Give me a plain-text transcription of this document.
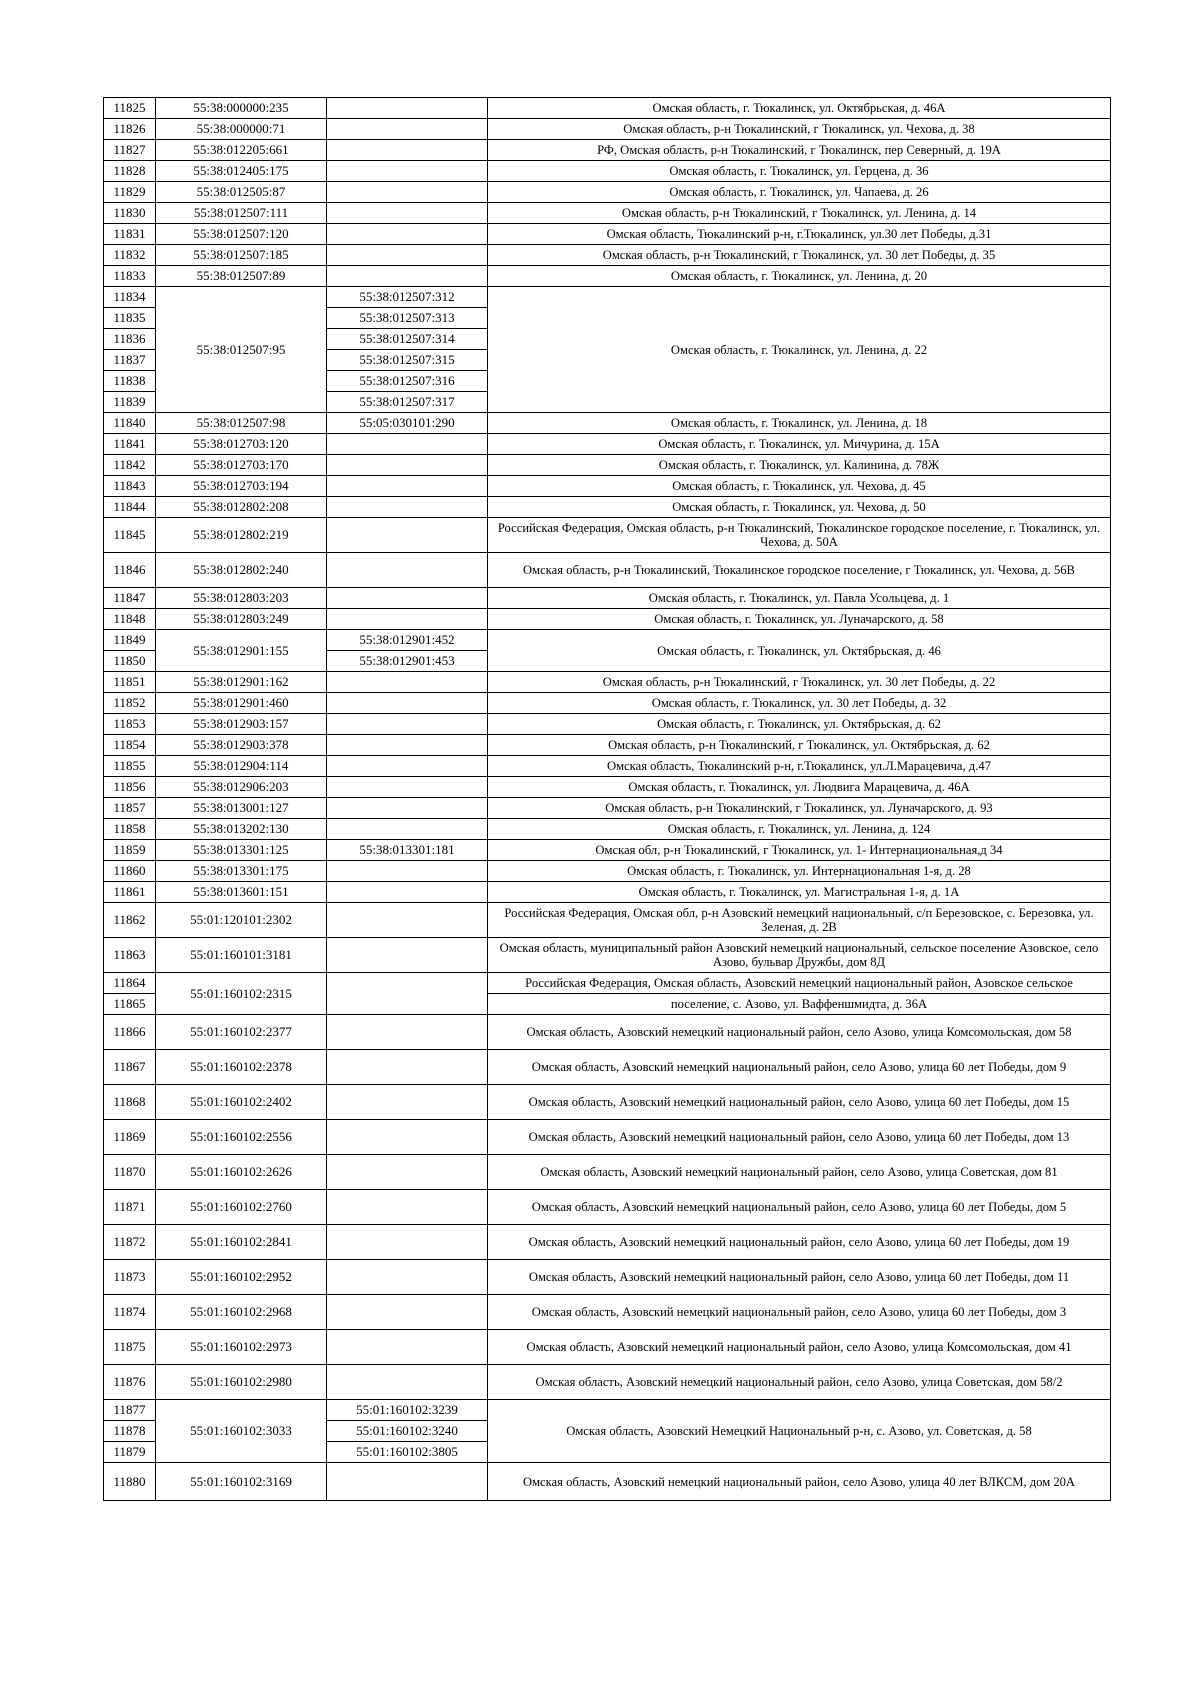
11825	55:38:000000:235		Омская область, г. Тюкалинск, ул. Октябрьская, д. 46А
11826	55:38:000000:71		Омская область, р-н Тюкалинский, г Тюкалинск, ул. Чехова, д. 38
11827	55:38:012205:661		РФ, Омская область, р-н Тюкалинский, г Тюкалинск, пер Северный, д. 19А
11828	55:38:012405:175		Омская область, г. Тюкалинск, ул. Герцена, д. 36
11829	55:38:012505:87		Омская область, г. Тюкалинск, ул. Чапаева, д. 26
11830	55:38:012507:111		Омская область, р-н Тюкалинский, г Тюкалинск, ул. Ленина, д. 14
11831	55:38:012507:120		Омская область, Тюкалинский р-н, г.Тюкалинск, ул.30 лет Победы, д.31
11832	55:38:012507:185		Омская область, р-н Тюкалинский, г Тюкалинск, ул. 30 лет Победы, д. 35
11833	55:38:012507:89		Омская область, г. Тюкалинск, ул. Ленина, д. 20
11834	55:38:012507:95	55:38:012507:312	Омская область, г. Тюкалинск, ул. Ленина, д. 22
11835		55:38:012507:313	
11836		55:38:012507:314	
11837		55:38:012507:315	
11838		55:38:012507:316	
11839		55:38:012507:317	
11840	55:38:012507:98	55:05:030101:290	Омская область, г. Тюкалинск, ул. Ленина, д. 18
11841	55:38:012703:120		Омская область, г. Тюкалинск, ул. Мичурина, д. 15А
11842	55:38:012703:170		Омская область, г. Тюкалинск, ул. Калинина, д. 78Ж
11843	55:38:012703:194		Омская область, г. Тюкалинск, ул. Чехова, д. 45
11844	55:38:012802:208		Омская область, г. Тюкалинск, ул. Чехова, д. 50
11845	55:38:012802:219		Российская Федерация, Омская область, р-н Тюкалинский, Тюкалинское городское поселение, г. Тюкалинск, ул. Чехова, д. 50А
11846	55:38:012802:240		Омская область, р-н Тюкалинский, Тюкалинское городское поселение, г Тюкалинск, ул. Чехова, д. 56В
11847	55:38:012803:203		Омская область, г. Тюкалинск, ул. Павла Усольцева, д. 1
11848	55:38:012803:249		Омская область, г. Тюкалинск, ул. Луначарского, д. 58
11849	55:38:012901:155	55:38:012901:452	Омская область, г. Тюкалинск, ул. Октябрьская, д. 46
11850		55:38:012901:453	
11851	55:38:012901:162		Омская область, р-н Тюкалинский, г Тюкалинск, ул. 30 лет Победы, д. 22
11852	55:38:012901:460		Омская область, г. Тюкалинск, ул. 30 лет Победы, д. 32
11853	55:38:012903:157		Омская область, г. Тюкалинск, ул. Октябрьская, д. 62
11854	55:38:012903:378		Омская область, р-н Тюкалинский, г Тюкалинск, ул. Октябрьская, д. 62
11855	55:38:012904:114		Омская область, Тюкалинский р-н, г.Тюкалинск, ул.Л.Марацевича, д.47
11856	55:38:012906:203		Омская область, г. Тюкалинск, ул. Людвига Марацевича, д. 46А
11857	55:38:013001:127		Омская область, р-н Тюкалинский, г Тюкалинск, ул. Луначарского, д. 93
11858	55:38:013202:130		Омская область, г. Тюкалинск, ул. Ленина, д. 124
11859	55:38:013301:125	55:38:013301:181	Омская обл, р-н Тюкалинский, г Тюкалинск, ул. 1- Интернациональная,д 34
11860	55:38:013301:175		Омская область, г. Тюкалинск, ул. Интернациональная 1-я, д. 28
11861	55:38:013601:151		Омская область, г. Тюкалинск, ул. Магистральная 1-я, д. 1А
11862	55:01:120101:2302		Российская Федерация, Омская обл, р-н Азовский немецкий национальный, с/п Березовское, с. Березовка, ул. Зеленая, д. 2В
11863	55:01:160101:3181		Омская область, муниципальный район Азовский немецкий национальный, сельское поселение Азовское, село Азово, бульвар Дружбы, дом 8Д
11864	55:01:160102:2315		Российская Федерация, Омская область, Азовский немецкий национальный район, Азовское сельское
11865			поселение, с. Азово, ул. Ваффеншмидта, д. 36А
11866	55:01:160102:2377		Омская область, Азовский немецкий национальный район, село Азово, улица Комсомольская, дом 58
11867	55:01:160102:2378		Омская область, Азовский немецкий национальный район, село Азово, улица 60 лет Победы, дом 9
11868	55:01:160102:2402		Омская область, Азовский немецкий национальный район, село Азово, улица 60 лет Победы, дом 15
11869	55:01:160102:2556		Омская область, Азовский немецкий национальный район, село Азово, улица 60 лет Победы, дом 13
11870	55:01:160102:2626		Омская область, Азовский немецкий национальный район, село Азово, улица Советская, дом 81
11871	55:01:160102:2760		Омская область, Азовский немецкий национальный район, село Азово, улица 60 лет Победы, дом 5
11872	55:01:160102:2841		Омская область, Азовский немецкий национальный район, село Азово, улица 60 лет Победы, дом 19
11873	55:01:160102:2952		Омская область, Азовский немецкий национальный район, село Азово, улица 60 лет Победы, дом 11
11874	55:01:160102:2968		Омская область, Азовский немецкий национальный район, село Азово, улица 60 лет Победы, дом 3
11875	55:01:160102:2973		Омская область, Азовский немецкий национальный район, село Азово, улица Комсомольская, дом 41
11876	55:01:160102:2980		Омская область, Азовский немецкий национальный район, село Азово, улица Советская, дом 58/2
11877	55:01:160102:3033	55:01:160102:3239	Омская область, Азовский Немецкий Национальный р-н, с. Азово, ул. Советская, д. 58
11878		55:01:160102:3240	
11879		55:01:160102:3805	
11880	55:01:160102:3169		Омская область, Азовский немецкий национальный район, село Азово, улица 40 лет ВЛКСМ, дом 20А
